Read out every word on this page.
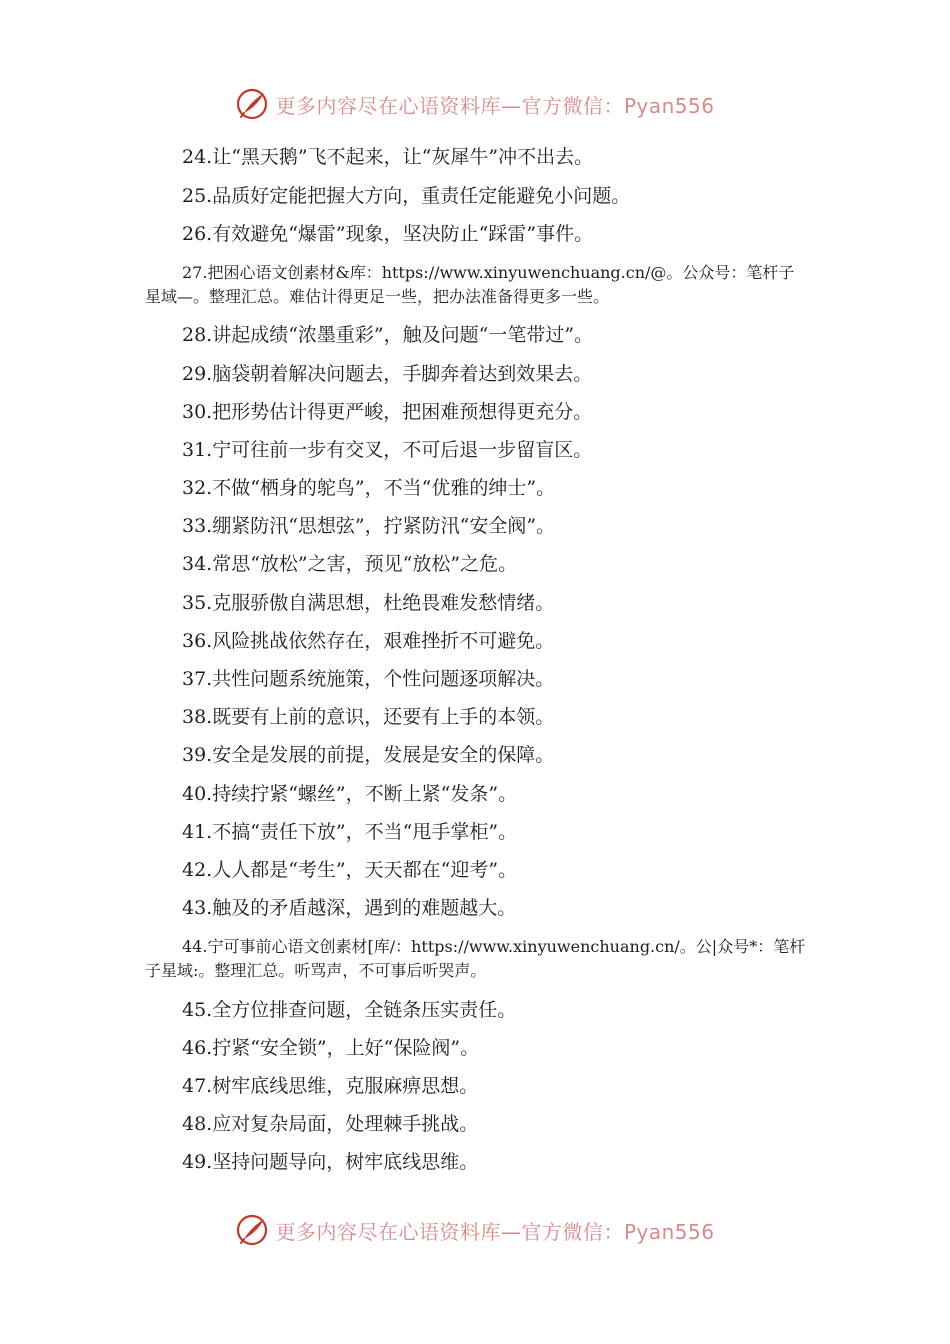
更多内容尽在心语资料库—官方微信：Pyan556
24.让“黑天鹅”飞不起来，让“灰犀牛”冲不出去。
25.品质好定能把握大方向，重责任定能避免小问题。
26.有效避免“爆雷”现象，坚决防止“踩雷”事件。
27.把困心语文创素材&库：https://www.xinyuwenchuang.cn/@。公众号：笔杆子星域—。整理汇总。难估计得更足一些，把办法准备得更多一些。
28.讲起成绩“浓墨重彩”，触及问题“一笔带过”。
29.脑袋朝着解决问题去，手脚奔着达到效果去。
30.把形势估计得更严峻，把困难预想得更充分。
31.宁可往前一步有交叉，不可后退一步留盲区。
32.不做“栖身的鸵鸟”，不当“优雅的绅士”。
33.绷紧防汛“思想弦”，拧紧防汛“安全阀”。
34.常思“放松”之害，预见“放松”之危。
35.克服骄傲自满思想，杜绝畏难发愁情绪。
36.风险挑战依然存在，艰难挫折不可避免。
37.共性问题系统施策，个性问题逐项解决。
38.既要有上前的意识，还要有上手的本领。
39.安全是发展的前提，发展是安全的保障。
40.持续拧紧“螺丝”，不断上紧“发条”。
41.不搞“责任下放”，不当“甩手掌柜”。
42.人人都是“考生”，天天都在“迎考”。
43.触及的矛盾越深，遇到的难题越大。
44.宁可事前心语文创素材[库/：https://www.xinyuwenchuang.cn/。公|众号*：笔杆子星域:。整理汇总。听骂声，不可事后听哭声。
45.全方位排查问题，全链条压实责任。
46.拧紧“安全锁”，上好“保险阀”。
47.树牢底线思维，克服麻痹思想。
48.应对复杂局面，处理棘手挑战。
49.坚持问题导向，树牢底线思维。
更多内容尽在心语资料库—官方微信：Pyan556
